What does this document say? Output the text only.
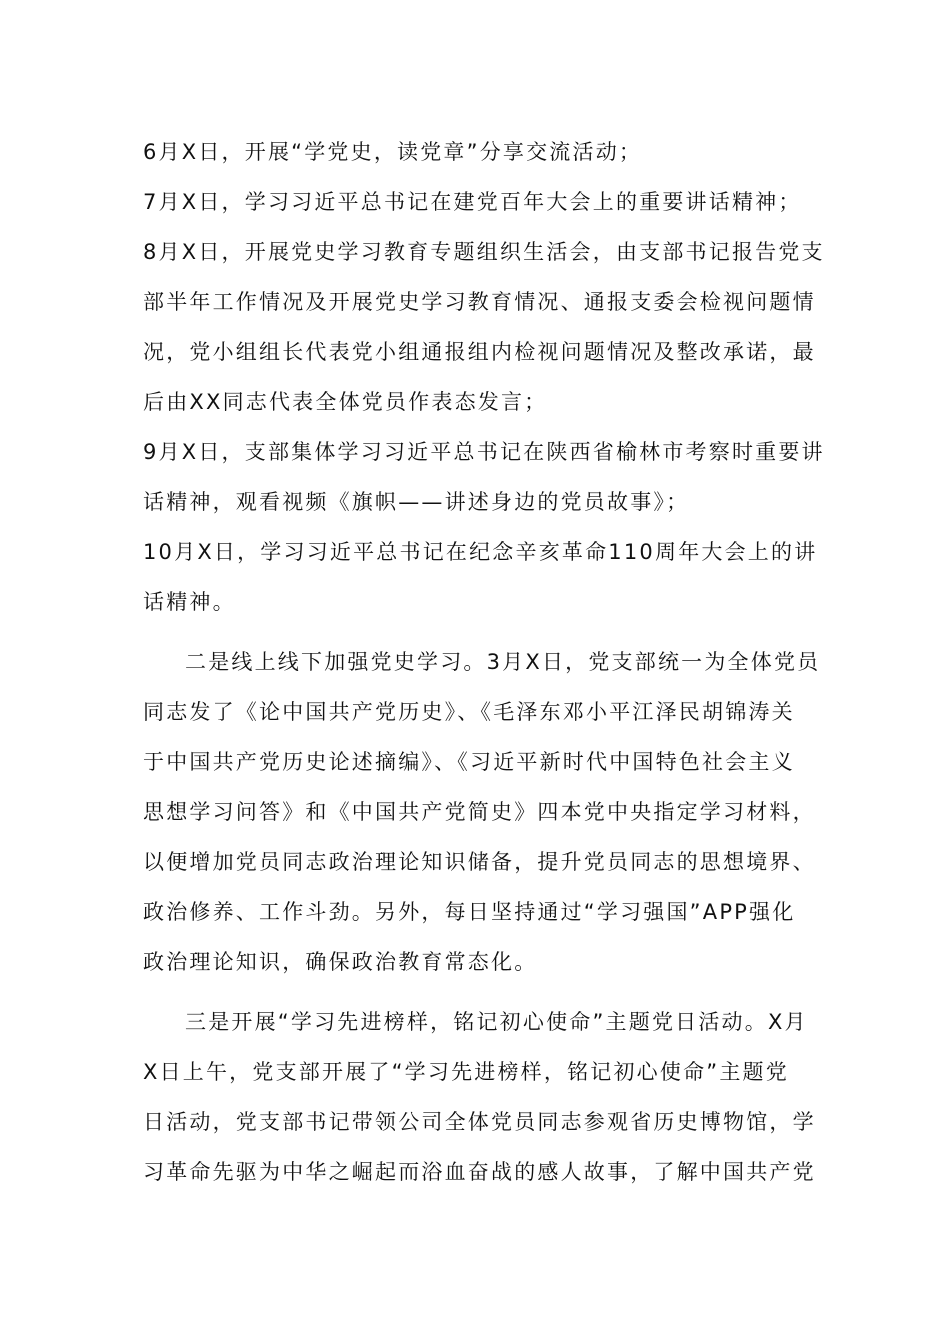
6月X日，开展“学党史，读党章”分享交流活动；

7月X日，学习习近平总书记在建党百年大会上的重要讲话精神；

8月X日，开展党史学习教育专题组织生活会，由支部书记报告党支

部半年工作情况及开展党史学习教育情况、通报支委会检视问题情

况，党小组组长代表党小组通报组内检视问题情况及整改承诺，最

后由XX同志代表全体党员作表态发言；

9月X日，支部集体学习习近平总书记在陕西省榆林市考察时重要讲

话精神，观看视频《旗帜——讲述身边的党员故事》；

10月X日，学习习近平总书记在纪念辛亥革命110周年大会上的讲

话精神。

二是线上线下加强党史学习。3月X日，党支部统一为全体党员

同志发了《论中国共产党历史》、《毛泽东邓小平江泽民胡锦涛关

于中国共产党历史论述摘编》、《习近平新时代中国特色社会主义

思想学习问答》和《中国共产党简史》四本党中央指定学习材料，

以便增加党员同志政治理论知识储备，提升党员同志的思想境界、

政治修养、工作斗劲。另外，每日坚持通过“学习强国”APP强化

政治理论知识，确保政治教育常态化。

三是开展“学习先进榜样，铭记初心使命”主题党日活动。X月

X日上午，党支部开展了“学习先进榜样，铭记初心使命”主题党

日活动，党支部书记带领公司全体党员同志参观省历史博物馆，学

习革命先驱为中华之崛起而浴血奋战的感人故事，了解中国共产党
